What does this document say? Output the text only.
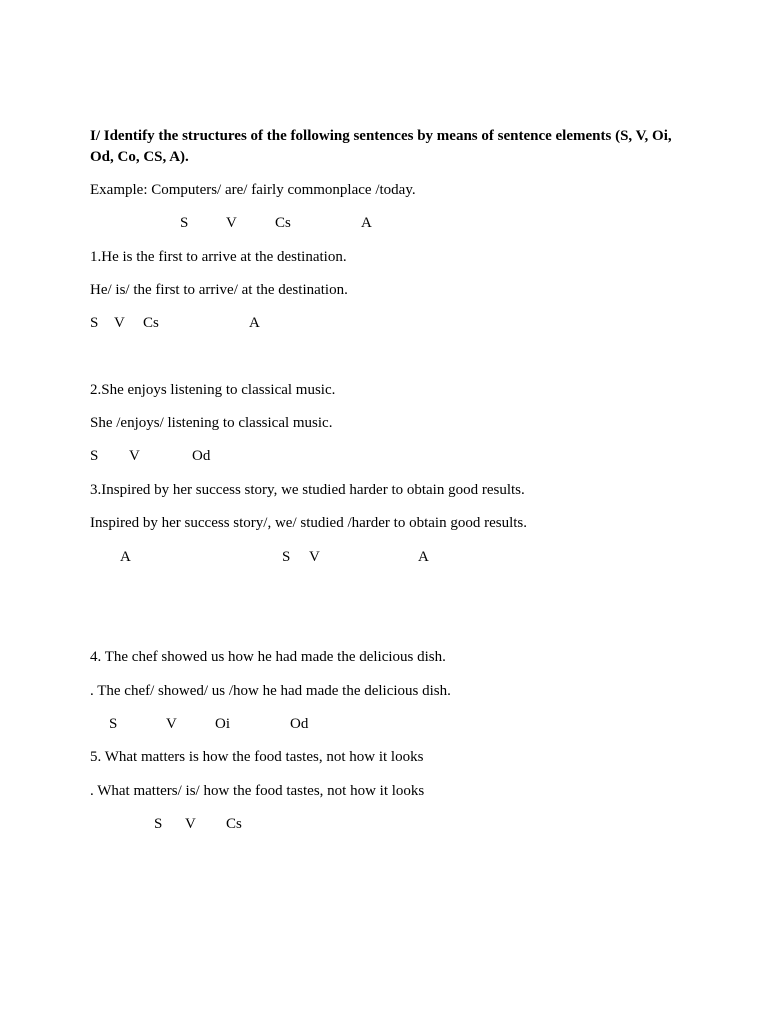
I/ Identify the structures of the following sentences by means of sentence elements (S, V, Oi, Od, Co, CS, A).
Example: Computers/ are/ fairly commonplace /today.
S	V	Cs	A
1.He is the first to arrive at the destination.
He/ is/ the first to arrive/ at the destination.
S V Cs	A
2.She enjoys listening to classical music.
She /enjoys/ listening to classical music.
S V	Od
3.Inspired by her success story, we studied harder to obtain good results.
Inspired by her success story/, we/ studied /harder to obtain good results.
A	S V	A
4. The chef showed us how he had made the delicious dish.
. The chef/ showed/ us /how he had made the delicious dish.
S	V	Oi	Od
5. What matters is how the food tastes, not how it looks
. What matters/ is/ how the food tastes, not how it looks
S V Cs
